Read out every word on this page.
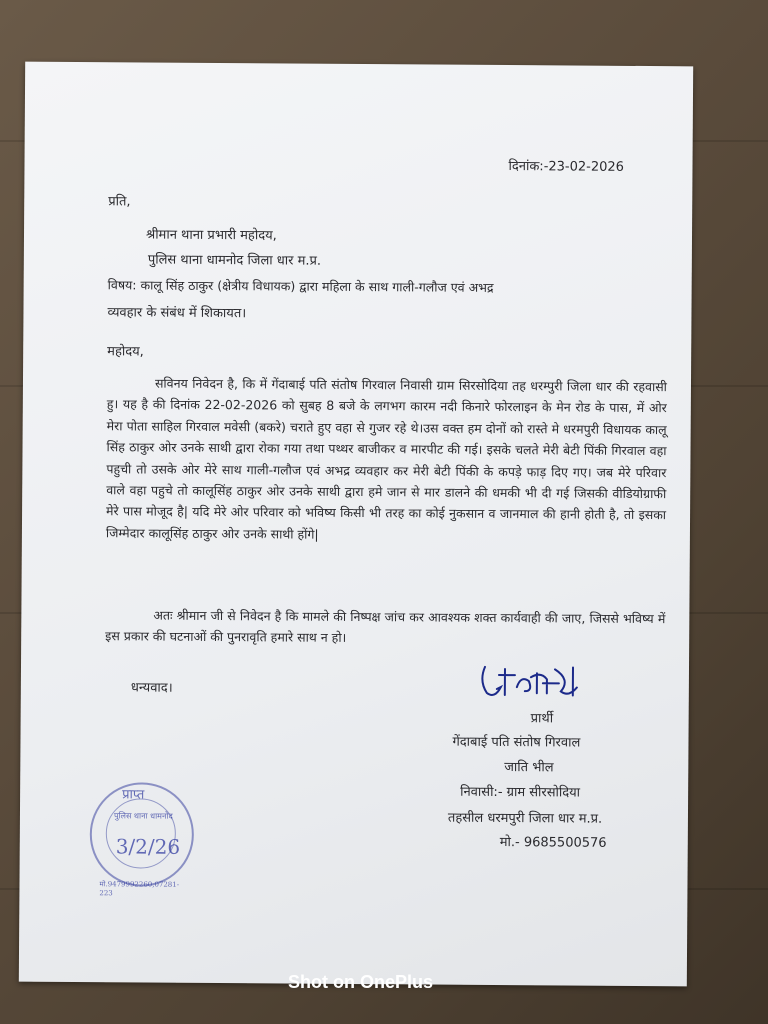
दिनांक:-23-02-2026
प्रति,
श्रीमान थाना प्रभारी महोदय,
पुलिस थाना धामनोद जिला धार म.प्र.
विषय: कालू सिंह ठाकुर (क्षेत्रीय विधायक) द्वारा महिला के साथ गाली-गलौज एवं अभद्र
व्यवहार के संबंध में शिकायत।
महोदय,
सविनय निवेदन है, कि में गेंदाबाई पति संतोष गिरवाल निवासी ग्राम सिरसोदिया तह धरम्पुरी जिला धार की रहवासी हु। यह है की दिनांक 22-02-2026 को सुबह 8 बजे के लगभग कारम नदी किनारे फोरलाइन के मेन रोड के पास, में ओर मेरा पोता साहिल गिरवाल मवेसी (बकरे) चराते हुए वहा से गुजर रहे थे।उस वक्त हम दोनों को रास्ते मे धरमपुरी विधायक कालू सिंह ठाकुर ओर उनके साथी द्वारा रोका गया तथा पथ्थर बाजीकर व मारपीट की गई। इसके चलते मेरी बेटी पिंकी गिरवाल वहा पहुची तो उसके ओर मेरे साथ गाली-गलौज एवं अभद्र व्यवहार कर मेरी बेटी पिंकी के कपड़े फाड़ दिए गए। जब मेरे परिवार वाले वहा पहुचे तो कालूसिंह ठाकुर ओर उनके साथी द्वारा हमे जान से मार डालने की धमकी भी दी गई जिसकी वीडियोग्राफी मेरे पास मोजूद है| यदि मेरे ओर परिवार को भविष्य किसी भी तरह का कोई नुकसान व जानमाल की हानी होती है, तो इसका जिम्मेदार कालूसिंह ठाकुर ओर उनके साथी होंगे|
अतः श्रीमान जी से निवेदन है कि मामले की निष्पक्ष जांच कर आवश्यक शक्त कार्यवाही की जाए, जिससे भविष्य में इस प्रकार की घटनाओं की पुनरावृति हमारे साथ न हो।
धन्यवाद।
प्रार्थी
गेंदाबाई पति संतोष गिरवाल
जाति भील
निवासी:- ग्राम सीरसोदिया
तहसील धरमपुरी जिला धार म.प्र.
मो.- 9685500576
प्राप्त
पुलिस थाना धामनोद
3/2/26
मो.9479992260,07281-223
Shot on OnePlus
